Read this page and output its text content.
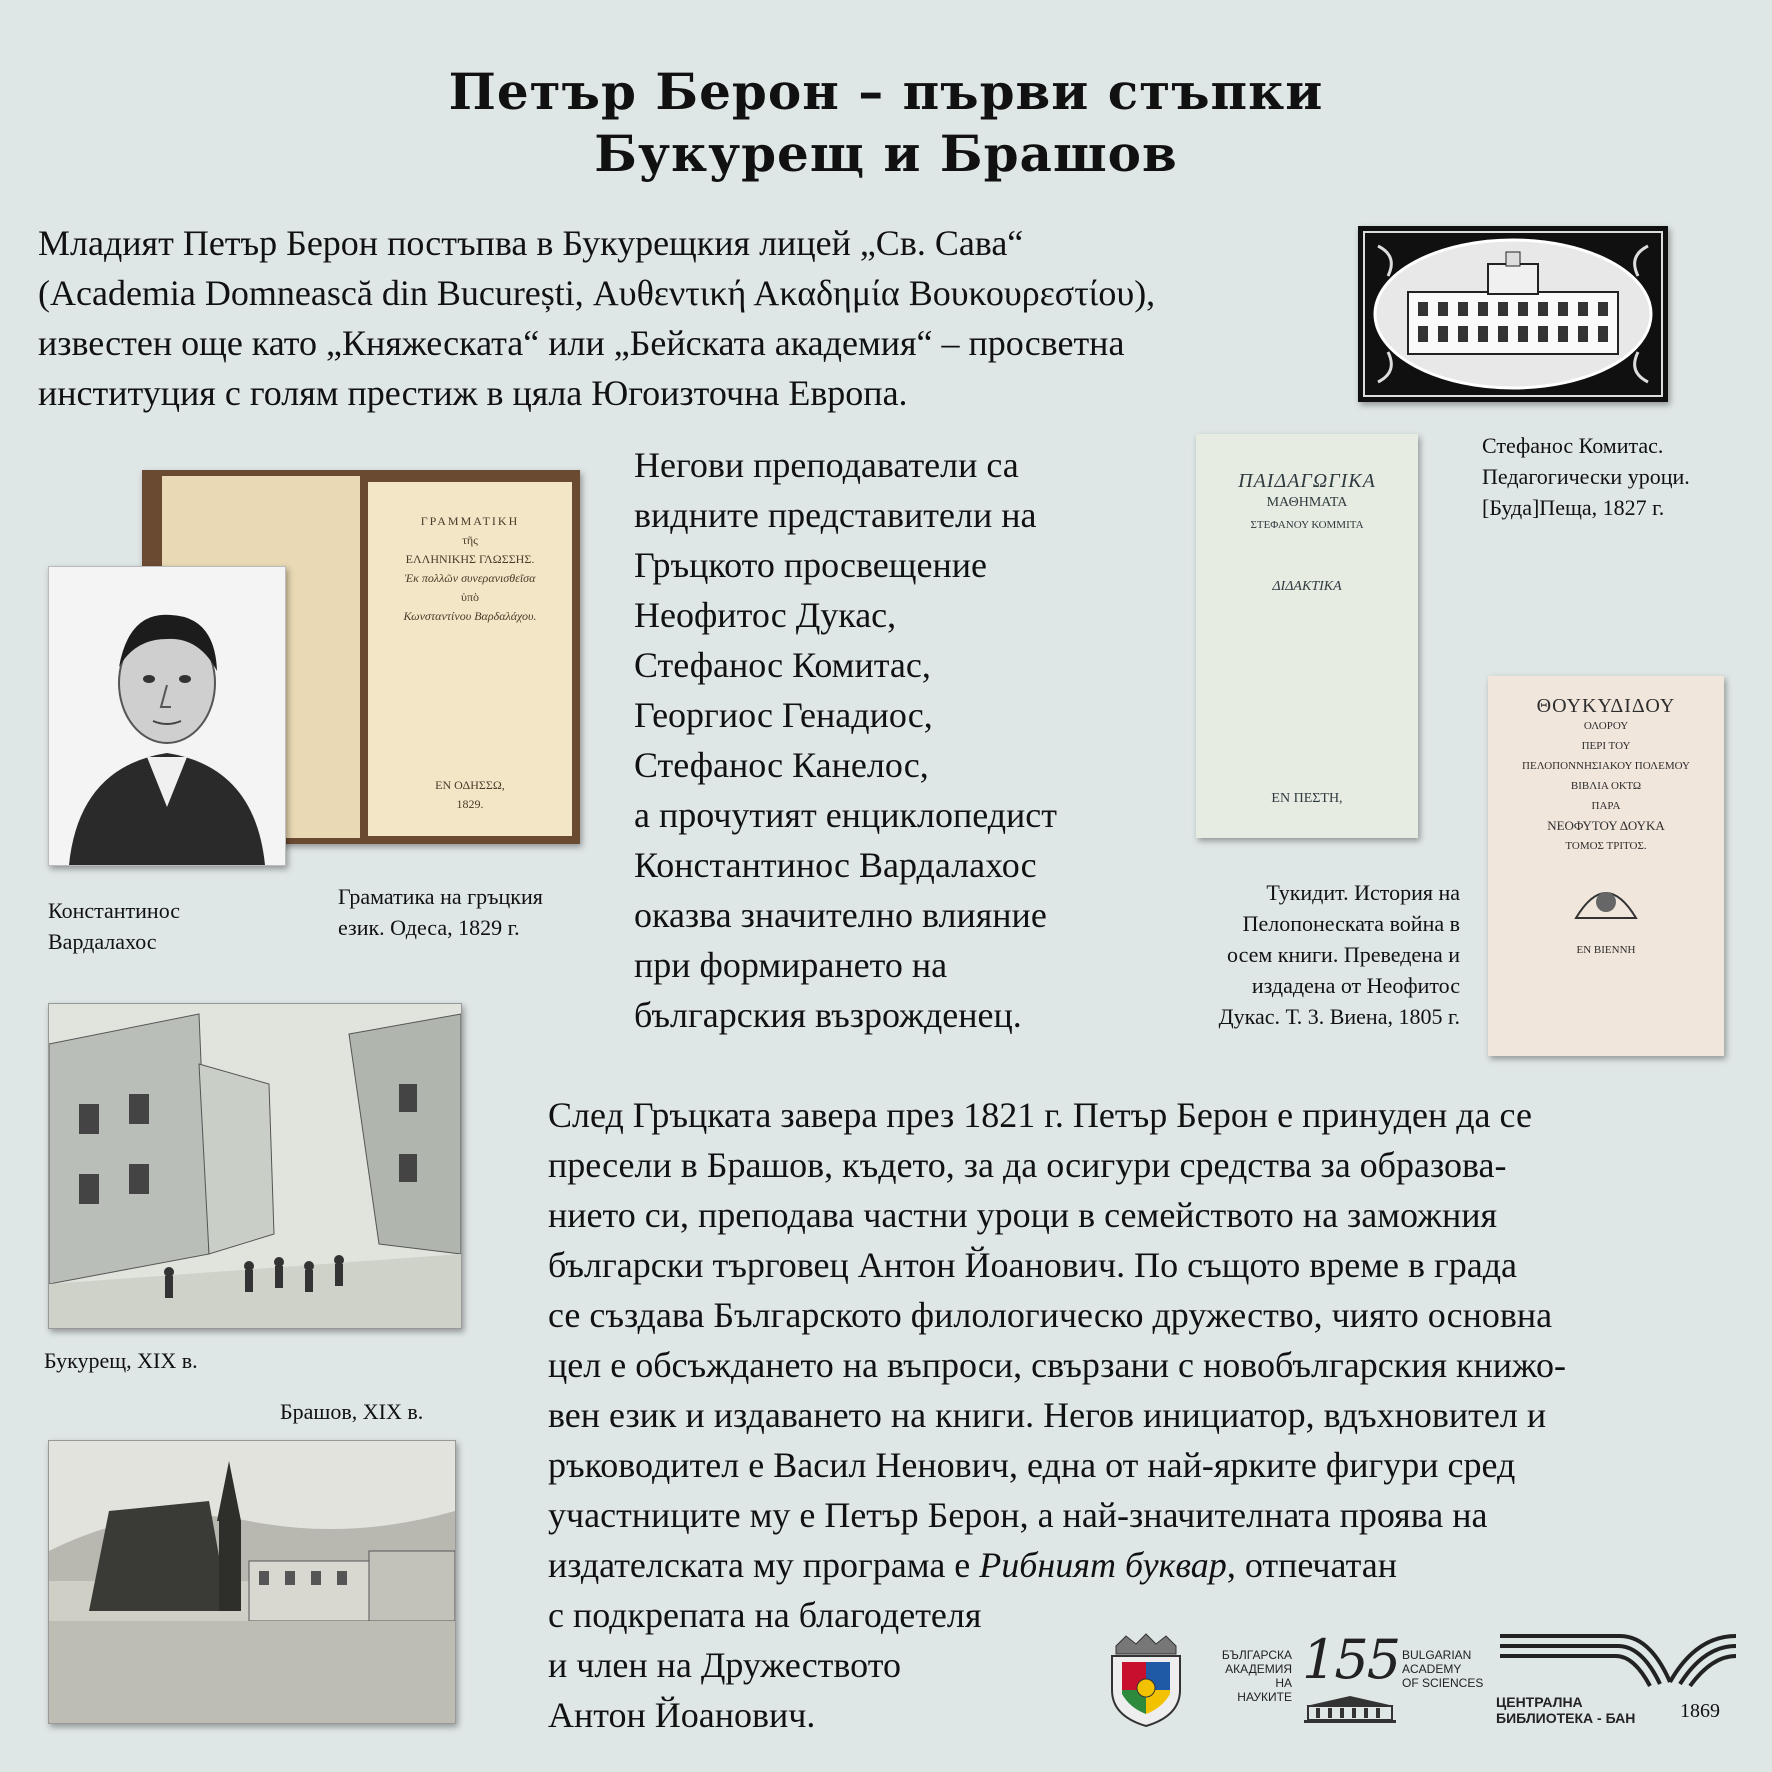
Петър Берон – първи стъпки
Букурещ и Брашов
Младият Петър Берон постъпва в Букурещкия лицей „Св. Сава“
(Academia Domnească din București, Αυθεντική Ακαδημία Βουκουρεστίου),
известен още като „Княжеската“ или „Бейската академия“ – просветна
институция с голям престиж в цяла Югоизточна Европа.
Стефанос Комитас.
Педагогически уроци.
[Буда]Пеща, 1827 г.
ΓΡΑΜΜΑΤΙΚΗ
τῆς
ΕΛΛΗΝΙΚΗΣ ΓΛΩΣΣΗΣ.
Ἐκ πολλῶν συνερανισθεῖσα
ὑπὸ
Κωνσταντίνου Βαρδαλάχου.
ΕΝ ΟΔΗΣΣΩ,
1829.
Константинос
Вардалахос
Граматика на гръцкия
език. Одеса, 1829 г.
Негови преподаватели са
видните представители на
Гръцкото просвещение
Неофитос Дукас,
Стефанос Комитас,
Георгиос Генадиос,
Стефанос Канелос,
а прочутият енциклопедист
Константинос Вардалахос
оказва значително влияние
при формирането на
българския възрожденец.
ΠΑΙΔΑΓΩΓΙΚΑ
ΜΑΘΗΜΑΤΑ
ΣΤΕΦΑΝΟΥ ΚΟΜΜΙΤΑ
ΔΙΔΑΚΤΙΚΑ
ΕΝ ΠΕΣΤΗ,
ΘΟΥΚΥΔΙΔΟΥ
ΟΛΟΡΟΥ
ΠΕΡΙ ΤΟΥ
ΠΕΛΟΠΟΝΝΗΣΙΑΚΟΥ ΠΟΛΕΜΟΥ
ΒΙΒΛΙΑ ΟΚΤΩ
ΠΑΡΑ
ΝΕΟΦΥΤΟΥ ΔΟΥΚΑ
ΤΟΜΟΣ ΤΡΙΤΟΣ.
ΕΝ ΒΙΕΝΝΗ
Тукидит. История на
Пелопонеската война в
осем книги. Преведена и
издадена от Неофитос
Дукас. Т. 3. Виена, 1805 г.
Букурещ, XIX в.
Брашов, XIX в.
След Гръцката завера през 1821 г. Петър Берон е принуден да се
пресели в Брашов, където, за да осигури средства за образова-
нието си, преподава частни уроци в семейството на заможния
български търговец Антон Йоанович. По същото време в града
се създава Българското филологическо дружество, чиято основна
цел е обсъждането на въпроси, свързани с новобългарския книжо-
вен език и издаването на книги. Негов инициатор, вдъхновител и
ръководител е Васил Ненович, една от най-ярките фигури сред
участниците му е Петър Берон, а най-значителната проява на
издателската му програма е Рибният буквар, отпечатан
с подкрепата на благодетеля
и член на Дружеството
Антон Йоанович.
БЪЛГАРСКА
АКАДЕМИЯ
НА НАУКИТЕ
155 BULGARIAN
ACADEMY
OF SCIENCES
ЦЕНТРАЛНА
БИБЛИОТЕКА - БАН 1869
